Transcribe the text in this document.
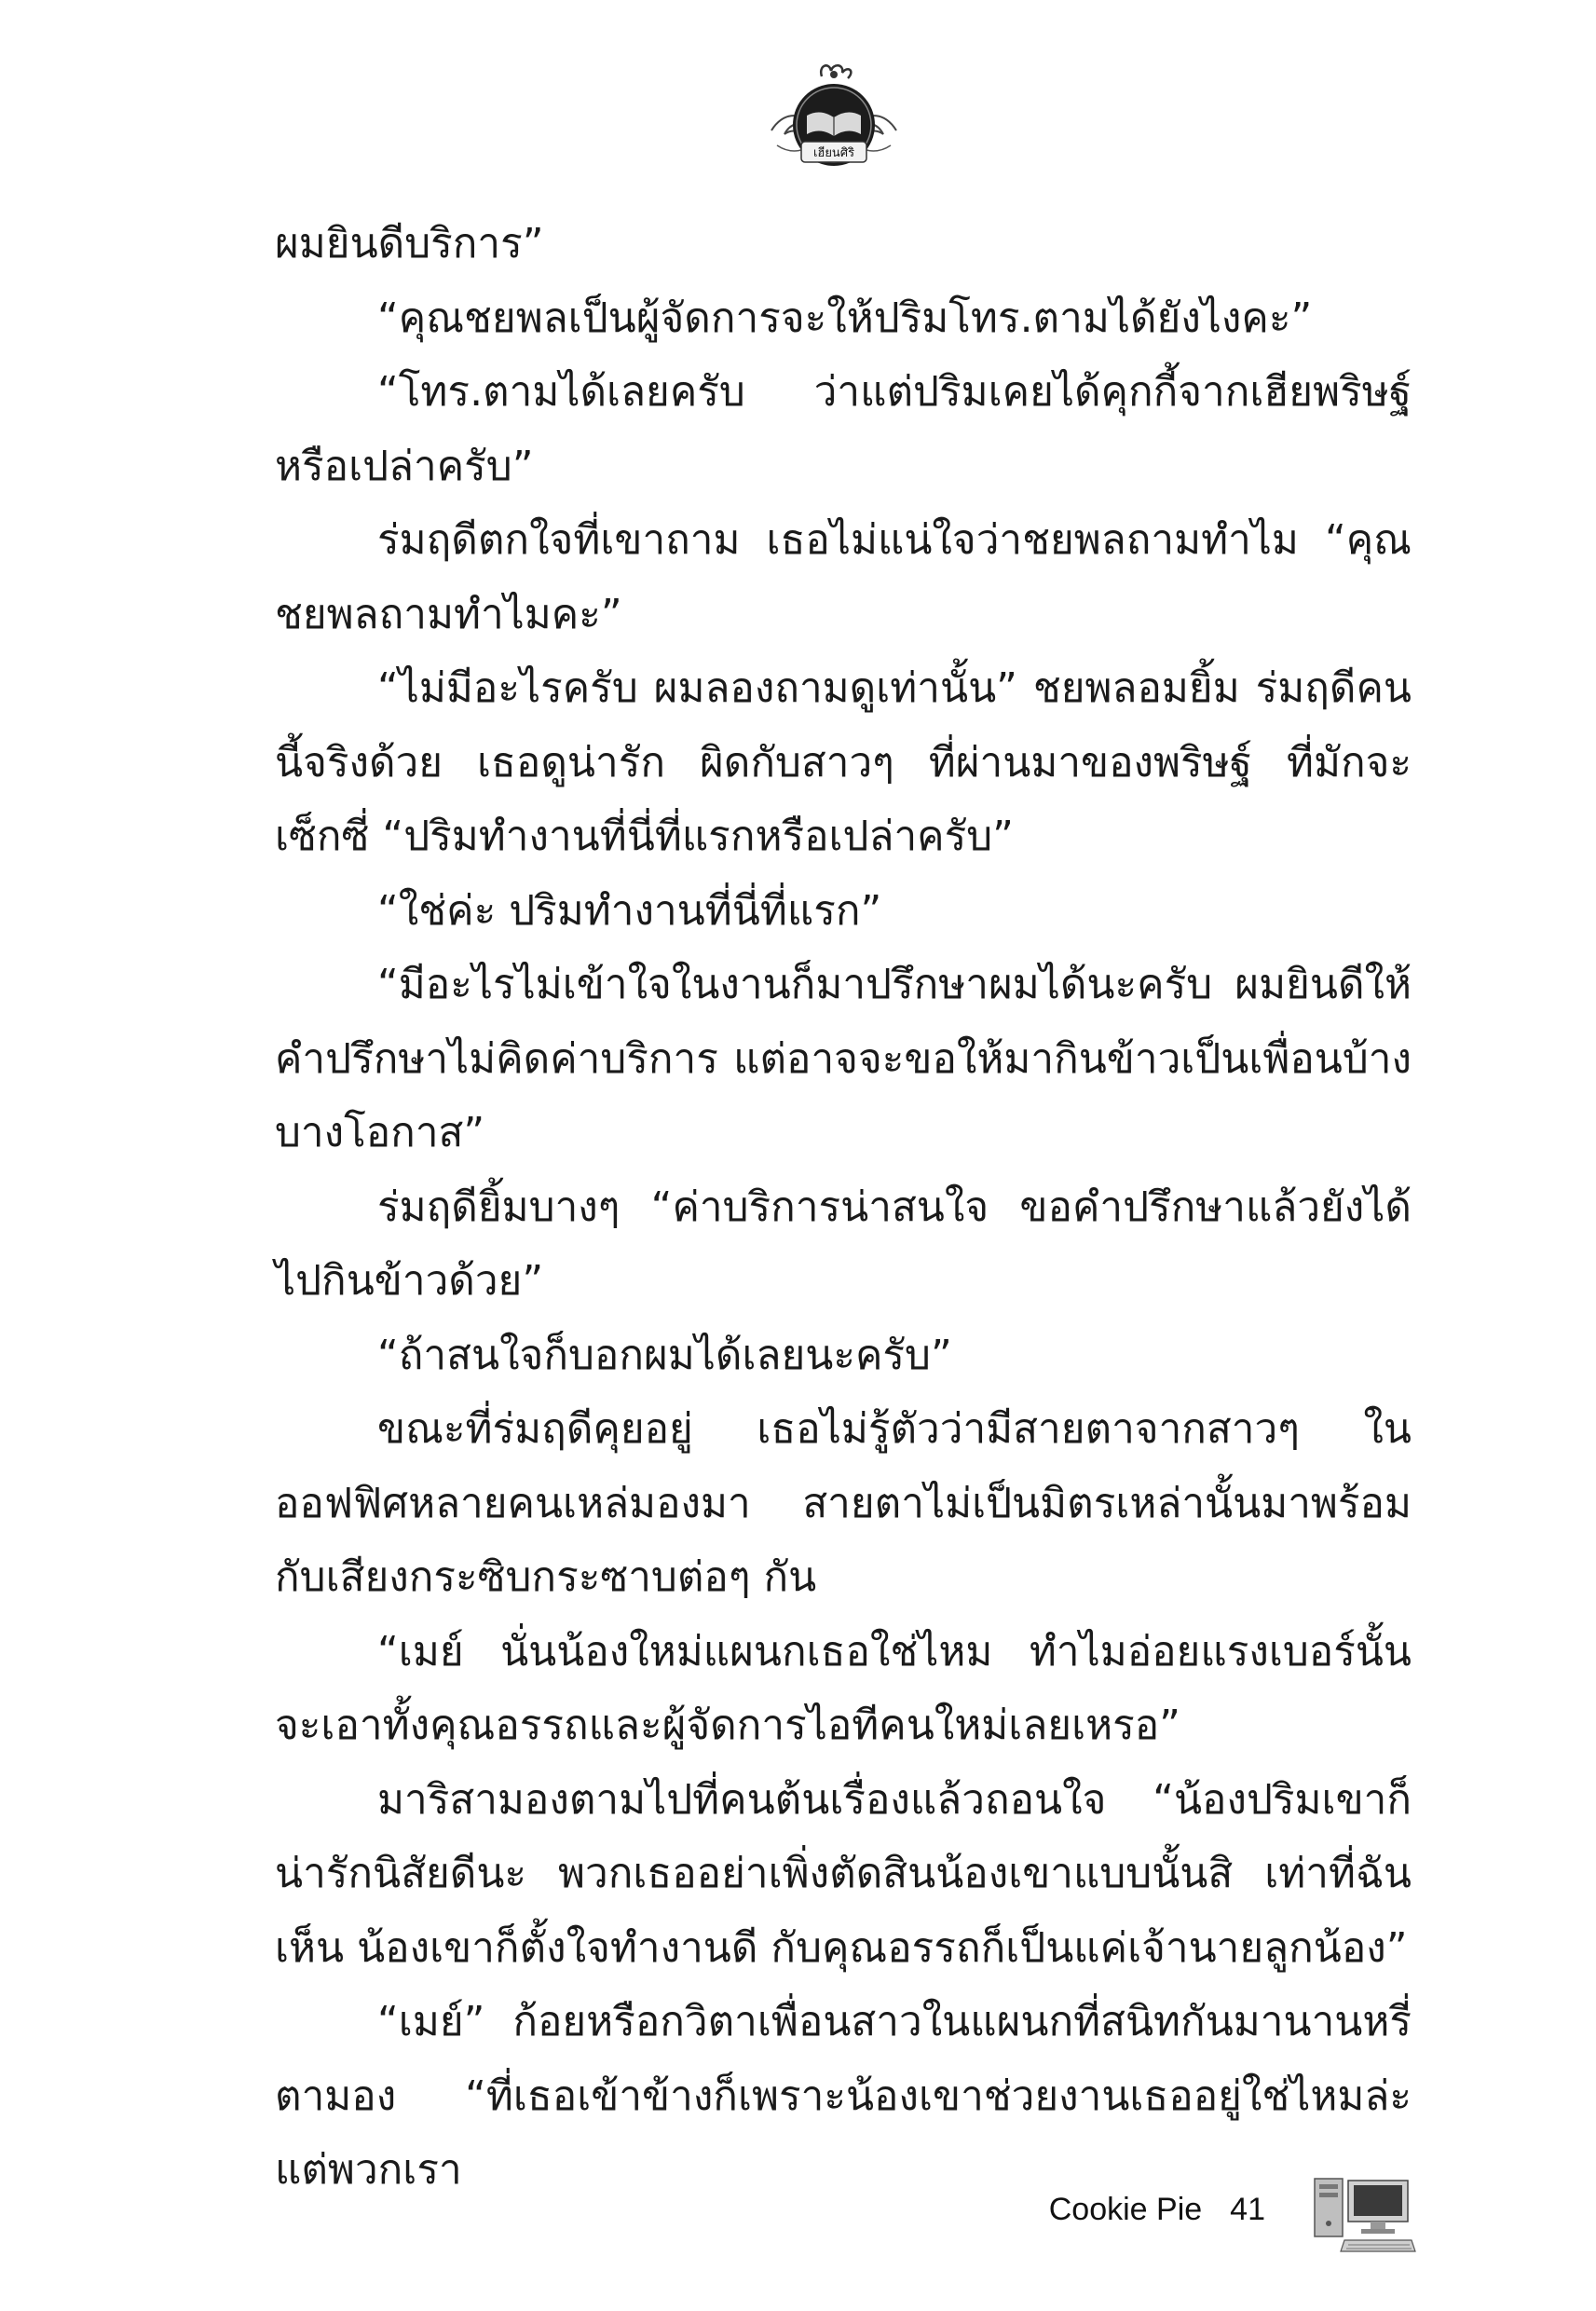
เฮียนศิริ

ผมยินดีบริการ”

“คุณชยพลเป็นผู้จัดการจะให้ปริมโทร.ตามได้ยังไงคะ”

“โทร.ตามได้เลยครับ ว่าแต่ปริมเคยได้คุกกี้จากเฮียพริษฐ์หรือเปล่าครับ”

ร่มฤดีตกใจที่เขาถาม เธอไม่แน่ใจว่าชยพลถามทำไม “คุณชยพลถามทำไมคะ”

“ไม่มีอะไรครับ ผมลองถามดูเท่านั้น” ชยพลอมยิ้ม ร่มฤดีคนนี้จริงด้วย เธอดูน่ารัก ผิดกับสาวๆ ที่ผ่านมาของพริษฐ์ ที่มักจะเซ็กซี่ “ปริมทำงานที่นี่ที่แรกหรือเปล่าครับ”

“ใช่ค่ะ ปริมทำงานที่นี่ที่แรก”

“มีอะไรไม่เข้าใจในงานก็มาปรึกษาผมได้นะครับ ผมยินดีให้คำปรึกษาไม่คิดค่าบริการ แต่อาจจะขอให้มากินข้าวเป็นเพื่อนบ้างบางโอกาส”

ร่มฤดียิ้มบางๆ “ค่าบริการน่าสนใจ ขอคำปรึกษาแล้วยังได้ไปกินข้าวด้วย”

“ถ้าสนใจก็บอกผมได้เลยนะครับ”

ขณะที่ร่มฤดีคุยอยู่ เธอไม่รู้ตัวว่ามีสายตาจากสาวๆ ในออฟฟิศหลายคนเหล่มองมา สายตาไม่เป็นมิตรเหล่านั้นมาพร้อมกับเสียงกระซิบกระซาบต่อๆ กัน

“เมย์ นั่นน้องใหม่แผนกเธอใช่ไหม ทำไมอ่อยแรงเบอร์นั้น จะเอาทั้งคุณอรรถและผู้จัดการไอทีคนใหม่เลยเหรอ”

มาริสามองตามไปที่คนต้นเรื่องแล้วถอนใจ “น้องปริมเขาก็น่ารักนิสัยดีนะ พวกเธออย่าเพิ่งตัดสินน้องเขาแบบนั้นสิ เท่าที่ฉันเห็น น้องเขาก็ตั้งใจทำงานดี กับคุณอรรถก็เป็นแค่เจ้านายลูกน้อง”

“เมย์” ก้อยหรือกวิตาเพื่อนสาวในแผนกที่สนิทกันมานานหรี่ตามอง “ที่เธอเข้าข้างก็เพราะน้องเขาช่วยงานเธออยู่ใช่ไหมล่ะ แต่พวกเรา

Cookie Pie 41
